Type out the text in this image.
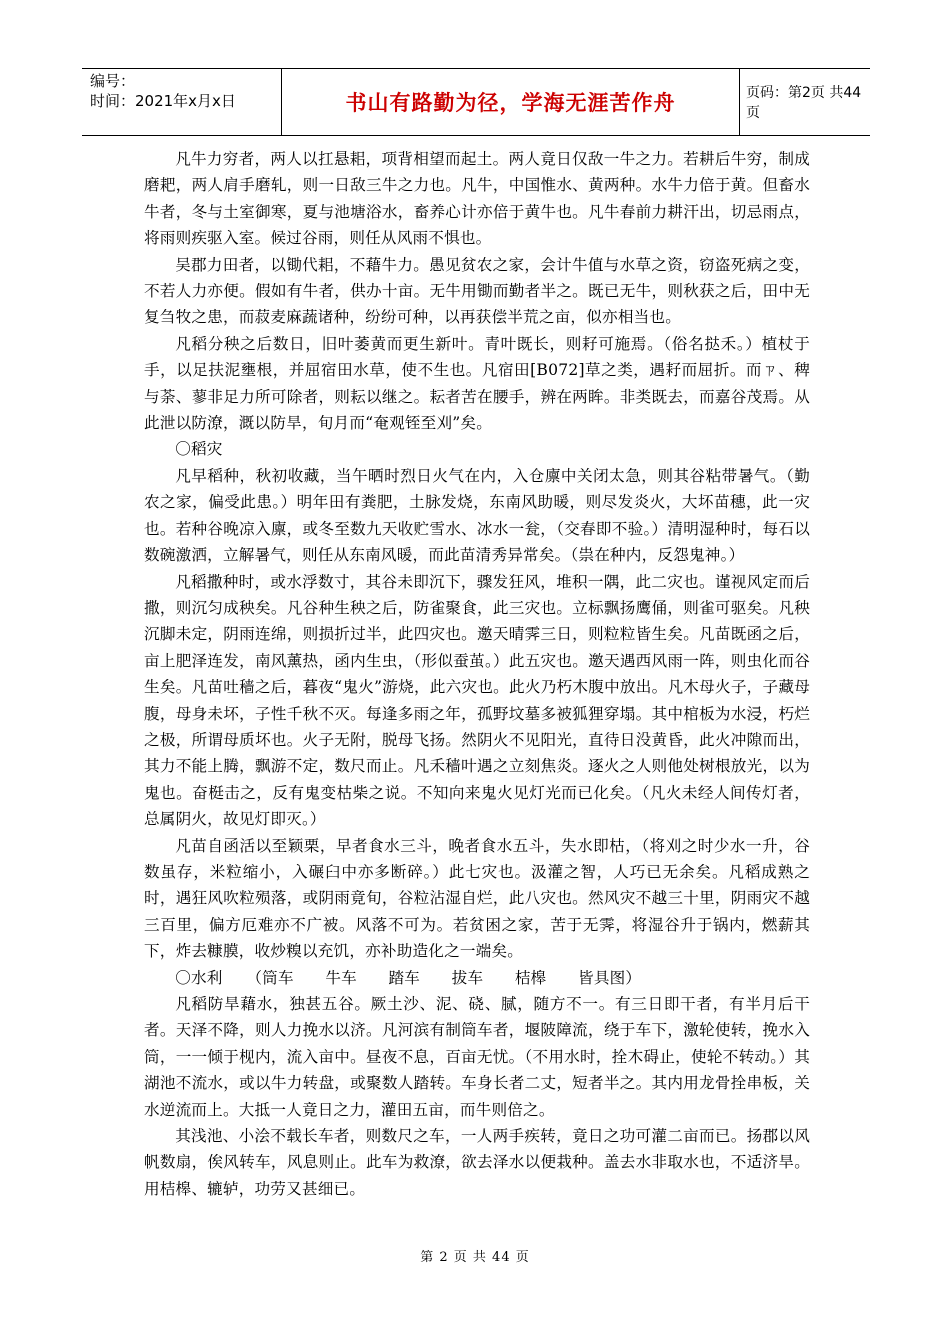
编号：
时间：2021年x月x日	书山有路勤为径，学海无涯苦作舟	页码：第2页 共44页

凡牛力穷者，两人以扛悬耜，项背相望而起土。两人竟日仅敌一牛之力。若耕后牛穷，制成磨耙，两人肩手磨轧，则一日敌三牛之力也。凡牛，中国惟水、黄两种。水牛力倍于黄。但畜水牛者，冬与土室御寒，夏与池塘浴水，畜养心计亦倍于黄牛也。凡牛春前力耕汗出，切忌雨点，将雨则疾驱入室。候过谷雨，则任从风雨不惧也。

吴郡力田者，以锄代耜，不藉牛力。愚见贫农之家，会计牛值与水草之资，窃盗死病之变，不若人力亦便。假如有牛者，供办十亩。无牛用锄而勤者半之。既已无牛，则秋获之后，田中无复刍牧之患，而菽麦麻蔬诸种，纷纷可种，以再获偿半荒之亩，似亦相当也。

凡稻分秧之后数日，旧叶萎黄而更生新叶。青叶既长，则耔可施焉。（俗名挞禾。）植杖于手，以足扶泥壅根，并屈宿田水草，使不生也。凡宿田[B072]草之类，遇耔而屈折。而ㄗ、稗与荼、蓼非足力所可除者，则耘以继之。耘者苦在腰手，辨在两眸。非类既去，而嘉谷茂焉。从此泄以防潦，溉以防旱，旬月而“奄观铚至刈”矣。

〇稻灾

凡早稻种，秋初收藏，当午晒时烈日火气在内，入仓廪中关闭太急，则其谷粘带暑气。（勤农之家，偏受此患。）明年田有粪肥，土脉发烧，东南风助暖，则尽发炎火，大坏苗穗，此一灾也。若种谷晚凉入廪，或冬至数九天收贮雪水、冰水一瓮，（交春即不验。）清明湿种时，每石以数碗激洒，立解暑气，则任从东南风暖，而此苗清秀异常矣。（祟在种内，反怨鬼神。）

凡稻撒种时，或水浮数寸，其谷未即沉下，骤发狂风，堆积一隅，此二灾也。谨视风定而后撒，则沉匀成秧矣。凡谷种生秧之后，防雀聚食，此三灾也。立标飘扬鹰俑，则雀可驱矣。凡秧沉脚未定，阴雨连绵，则损折过半，此四灾也。邀天晴霁三日，则粒粒皆生矣。凡苗既函之后，亩上肥泽连发，南风薰热，函内生虫，（形似蚕茧。）此五灾也。邀天遇西风雨一阵，则虫化而谷生矣。凡苗吐穑之后，暮夜“鬼火”游烧，此六灾也。此火乃朽木腹中放出。凡木母火子，子藏母腹，母身未坏，子性千秋不灭。每逢多雨之年，孤野坟墓多被狐狸穿塌。其中棺板为水浸，朽烂之极，所谓母质坏也。火子无附，脱母飞扬。然阴火不见阳光，直待日没黄昏，此火冲隙而出，其力不能上腾，飘游不定，数尺而止。凡禾穑叶遇之立刻焦炎。逐火之人则他处树根放光，以为鬼也。奋梃击之，反有鬼变枯柴之说。不知向来鬼火见灯光而已化矣。（凡火未经人间传灯者，总属阴火，故见灯即灭。）

凡苗自函活以至颖栗，早者食水三斗，晚者食水五斗，失水即枯，（将刈之时少水一升，谷数虽存，米粒缩小，入碾臼中亦多断碎。）此七灾也。汲灌之智，人巧已无余矣。凡稻成熟之时，遇狂风吹粒殒落，或阴雨竟旬，谷粒沾湿自烂，此八灾也。然风灾不越三十里，阴雨灾不越三百里，偏方厄难亦不广被。风落不可为。若贫困之家，苦于无霁，将湿谷升于锅内，燃薪其下，炸去糠膜，收炒糗以充饥，亦补助造化之一端矣。

〇水利　　（筒车　　牛车　　踏车　　拔车　　桔槔　　皆具图）

凡稻防旱藉水，独甚五谷。厥土沙、泥、硗、腻，随方不一。有三日即干者，有半月后干者。天泽不降，则人力挽水以济。凡河滨有制筒车者，堰陂障流，绕于车下，激轮使转，挽水入筒，一一倾于枧内，流入亩中。昼夜不息，百亩无忧。（不用水时，拴木碍止，使轮不转动。）其湖池不流水，或以牛力转盘，或聚数人踏转。车身长者二丈，短者半之。其内用龙骨拴串板，关水逆流而上。大抵一人竟日之力，灌田五亩，而牛则倍之。

其浅池、小浍不载长车者，则数尺之车，一人两手疾转，竟日之功可灌二亩而已。扬郡以风帆数扇，俟风转车，风息则止。此车为救潦，欲去泽水以便栽种。盖去水非取水也，不适济旱。用桔槔、辘轳，功劳又甚细已。

第 2 页 共 44 页
